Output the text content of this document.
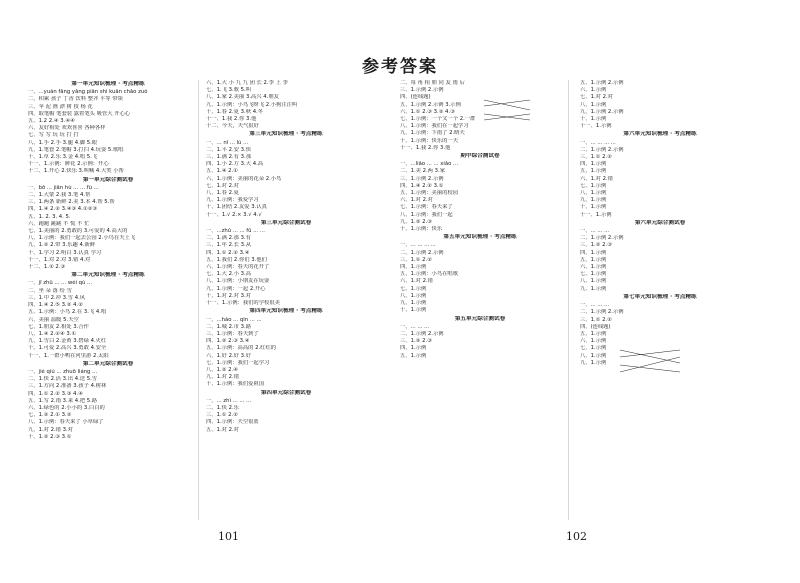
参考答案
第一单元知识梳理 · 考点精练
一、...yuán fǎng yǎng piān shì kuān chǎo zuò
二、积累 孩子 丁香 饮料 整齐 平等 带领
三、苹 泥 画 漂 树 枝 杨 花
四、取笔帽 笔套装 露着笔头 吸管大 开心心
五、1.2 2.④ 3.④④
六、友好相处 欢欢喜喜 各种各样
七、写 写 玩 玩 打 打
八、1.手 2.手 3.腿 4.脚 5.眼
九、1.笔套 2.笔帽 3.打扫 4.玩耍 5.歌唱
十、1.草 2.乐 3.金 4.唱 5.飞
十一、1.示例：鲜花 2.示例：开心
十二、1.开心 2.快乐 3.叫喊 4.大笑 小帮
第一单元综合测试卷
一、bō ... jiān hù ... ... fù ...
二、1.大蒙 2.我 3.笔 4.帮
三、1.两条 新鲜 2.美 3.本 4.帮 5.帮
四、1.④ 2.② 3.④③ 4.①②③
五、1. 2. 3. 4. 5.
六、跑跑 跳跳 不 慌 不 忙
七、1.美丽的 2.勇敢的 3.可爱的 4.高大的
八、1.示例：我们一起去公园 2.小鸟在天上飞
九、1.② 2.带 3.乐趣 4.新鲜
十、1.学习 2.明白 3.认真 学习
十一、1.对 2.对 3.错 4.对
十二、1.② 2.③
第二单元知识梳理 · 考点精练
一、jǐ zhǔ ... ... wéi qù ...
二、坐 朵 落 纷 雪
三、1.中 2.冲 3.雪 4.风
四、1.④ 2.⑤ 3.② 4.②
五、1.示例：小鸟 2.在 3.飞 4.唱
六、美丽 温暖 5.天空
七、1.朋友 2.相处 3.合作
八、1.④ 2.②④ 3.①
九、1.雪白 2.金黄 3.碧绿 4.火红
十、1.可爱 2.高兴 3.勇敢 4.安全
十一、1.一群小鸭在河里游 2.太阳
第二单元综合测试卷
一、jié qiú ... zhuō liáng ...
二、1.快 2.活 3.出 4.送 5.雪
三、1.方向 2.准备 3.孩子 4.树林
四、1.① 2.② 3.③ 4.④
五、1.写 2.雨 3.来 4.把 5.路
六、1.绿色的 2.小小的 3.白白的
七、1.② 2.① 3.②
八、1.示例：春天来了 小草绿了
九、1.对 2.错 3.对
十、1.② 2.③ 3.①
六、1.大 小 九 九 团 长 2.李 上 李
七、1.飞 3.歌 5.叫
八、1.家 2.美丽 3.高兴 4.朋友
九、1.示例：小鸟飞呀飞 2.小狗汪汪叫
十、1.春 2.夏 3.秋 4.冬
十一、1.我 2.你 3.他
十二、今天，天气很好
第三单元知识梳理 · 考点精练
一、... nī ... lú ...
二、1.平 2.安 3.快
三、1.满 2.有 3.那
四、1.小 2.方 3.大 4.高
五、1.④ 2.①
六、1.示例：美丽的花朵 2.小鸟
七、1.对 2.对
八、1.春 2.夏
九、1.示例：我爱学习
十、1.团结 2.友爱 3.认真
十一、1.√ 2.× 3.√ 4.√
第三单元综合测试卷
一、...zhǔ ... ... fū ... ...
二、1.满 2.那 3.有
三、1.年 2.长 3.从
四、1.① 2.② 3.④
五、1.我们 2.你们 3.他们
六、1.示例：春天的花开了
七、1.大 2.小 3.高
八、1.示例：小朋友在玩耍
九、1.示例：一起 2.开心
十、1.对 2.对 3.对
十一、1.示例：我们的学校很美
第四单元知识梳理 · 考点精练
一、...hào ... qín ... ...
二、1.城 2.市 3.路
三、1.示例：春天到了
四、1.② 2.③ 3.④
五、1.示例：高高的 2.红红的
六、1.好 2.好 3.好
七、1.示例：我们一起学习
八、1.② 2.④
九、1.对 2.错
十、1.示例：我们爱祖国
第四单元综合测试卷
一、... zhì ... ... ...
二、1.快 2.乐
三、1.① 2.②
四、1.示例：天空很蓝
五、1.对 2.对
二、每 角 相 朋 同 友 雨 后
三、1.示例 2.示例
四、(连线题)
五、1.示例 2.示例 3.示例
六、1.① 2.③ 3.② 4.③
七、1.示例：一个又一个 2.一群
八、1.示例：我们在一起学习
九、1.示例：下雨了 2.晴天
十、1.示例：快乐的一天
十一、1.我 2.你 3.他
期中综合测试卷
一、...liǎo ... ... xiǎo ...
二、1.美 2.两 3.家
三、1.示例 2.示例
四、1.④ 2.② 3.①
五、1.示例：美丽的校园
六、1.对 2.对
七、1.示例：春天来了
八、1.示例：我们一起
九、1.② 2.③
十、1.示例：快乐
第五单元知识梳理 · 考点精练
一、... ... ... ...
二、1.示例 2.示例
三、1.① 2.②
四、1.示例
五、1.示例：小鸟在唱歌
六、1.对 2.错
七、1.示例
八、1.示例
九、1.示例
十、1.示例
第五单元综合测试卷
一、... ... ...
二、1.示例 2.示例
三、1.② 2.③
四、1.示例
五、1.示例
五、1.示例 2.示例
六、1.示例
七、1.对 2.对
八、1.示例
九、1.示例 2.示例
十、1.示例
十一、1.示例
第六单元知识梳理 · 考点精练
一、... ... ... ...
二、1.示例 2.示例
三、1.① 2.②
四、1.示例
五、1.示例
六、1.对 2.错
七、1.示例
八、1.示例
九、1.示例
十、1.示例
十一、1.示例
第六单元综合测试卷
一、... ... ...
二、1.示例 2.示例
三、1.② 2.③
四、1.示例
五、1.示例
六、1.示例
七、1.示例
八、1.示例
九、1.示例
第七单元知识梳理 · 考点精练
一、... ... ...
二、1.示例 2.示例
三、1.① 2.②
四、(连线题)
五、1.示例
六、1.示例
七、1.示例
八、1.示例
九、1.示例
101	102
